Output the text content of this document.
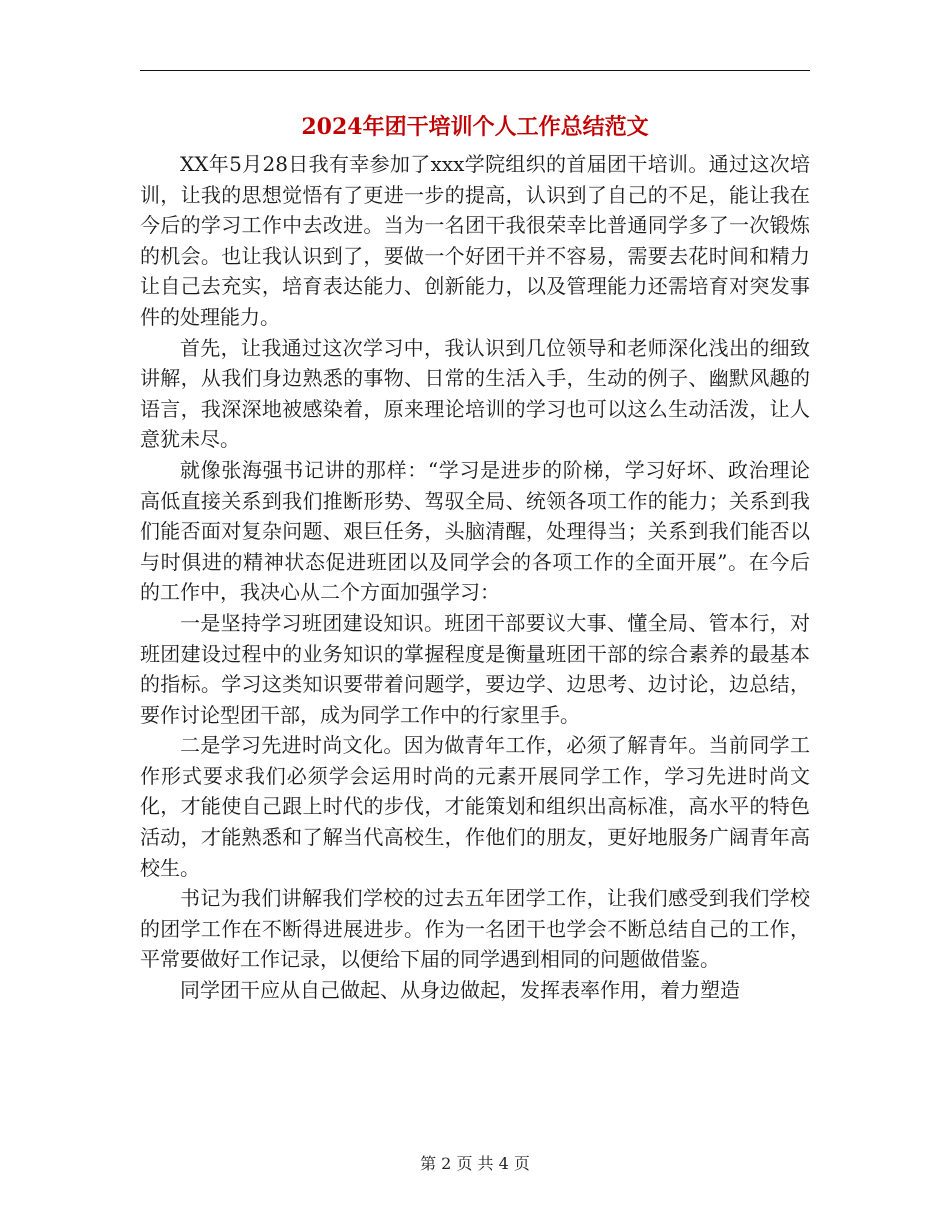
2024年团干培训个人工作总结范文

XX年5月28日我有幸参加了xxx学院组织的首届团干培训。通过这次培训，让我的思想觉悟有了更进一步的提高，认识到了自己的不足，能让我在今后的学习工作中去改进。当为一名团干我很荣幸比普通同学多了一次锻炼的机会。也让我认识到了，要做一个好团干并不容易，需要去花时间和精力让自己去充实，培育表达能力、创新能力，以及管理能力还需培育对突发事件的处理能力。

首先，让我通过这次学习中，我认识到几位领导和老师深化浅出的细致讲解，从我们身边熟悉的事物、日常的生活入手，生动的例子、幽默风趣的语言，我深深地被感染着，原来理论培训的学习也可以这么生动活泼，让人意犹未尽。

就像张海强书记讲的那样：“学习是进步的阶梯，学习好坏、政治理论高低直接关系到我们推断形势、驾驭全局、统领各项工作的能力；关系到我们能否面对复杂问题、艰巨任务，头脑清醒，处理得当；关系到我们能否以与时俱进的精神状态促进班团以及同学会的各项工作的全面开展”。在今后的工作中，我决心从二个方面加强学习：

一是坚持学习班团建设知识。班团干部要议大事、懂全局、管本行，对班团建设过程中的业务知识的掌握程度是衡量班团干部的综合素养的最基本的指标。学习这类知识要带着问题学，要边学、边思考、边讨论，边总结，要作讨论型团干部，成为同学工作中的行家里手。

二是学习先进时尚文化。因为做青年工作，必须了解青年。当前同学工作形式要求我们必须学会运用时尚的元素开展同学工作，学习先进时尚文化，才能使自己跟上时代的步伐，才能策划和组织出高标准，高水平的特色活动，才能熟悉和了解当代高校生，作他们的朋友，更好地服务广阔青年高校生。

书记为我们讲解我们学校的过去五年团学工作，让我们感受到我们学校的团学工作在不断得进展进步。作为一名团干也学会不断总结自己的工作，平常要做好工作记录，以便给下届的同学遇到相同的问题做借鉴。

同学团干应从自己做起、从身边做起，发挥表率作用，着力塑造

第 2 页 共 4 页
